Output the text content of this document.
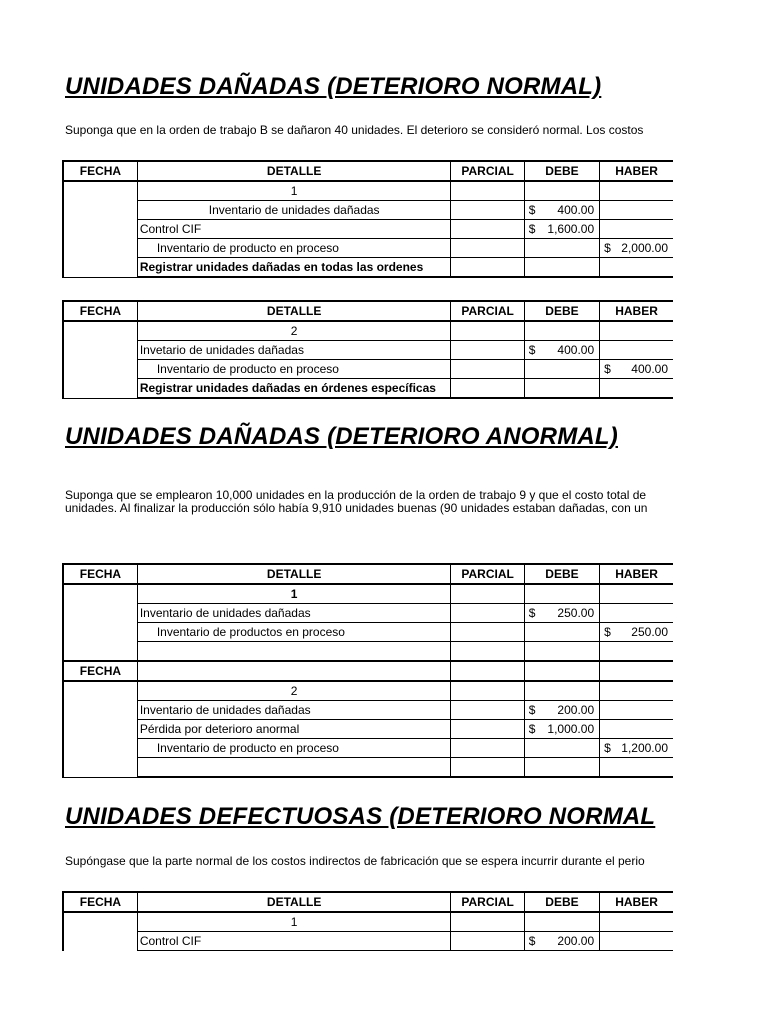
UNIDADES DAÑADAS (DETERIORO NORMAL)

Suponga que en la orden de trabajo B se dañaron 40 unidades. El deterioro se consideró normal. Los costos

FECHA	DETALLE	PARCIAL	DEBE	HABER
	1			
	Inventario de unidades dañadas		$ 400.00	

	Control CIF		$ 1,600.00	

	Inventario de producto en proceso			$ 2,000.00

	Registrar unidades dañadas en todas las ordenes			
FECHA	DETALLE	PARCIAL	DEBE	HABER
	2			
	Invetario de unidades dañadas		$ 400.00	

	Inventario de producto en proceso			$ 400.00

	Registrar unidades dañadas en órdenes específicas			
UNIDADES DAÑADAS (DETERIORO ANORMAL)

Suponga que se emplearon 10,000 unidades en la producción de la orden de trabajo 9 y que el costo total de

unidades. Al finalizar la producción sólo había 9,910 unidades buenas (90 unidades estaban dañadas, con un

FECHA	DETALLE	PARCIAL	DEBE	HABER
	1			
	Inventario de unidades dañadas		$ 250.00	

	Inventario de productos en proceso			$ 250.00

FECHA				
	2			
	Inventario de unidades dañadas		$ 200.00	

	Pérdida por deterioro anormal		$ 1,000.00	

	Inventario de producto en proceso			$ 1,200.00

UNIDADES DEFECTUOSAS (DETERIORO NORMAL

Supóngase que la parte normal de los costos indirectos de fabricación que se espera incurrir durante el perio

FECHA	DETALLE	PARCIAL	DEBE	HABER
	1			
	Control CIF		$ 200.00	
